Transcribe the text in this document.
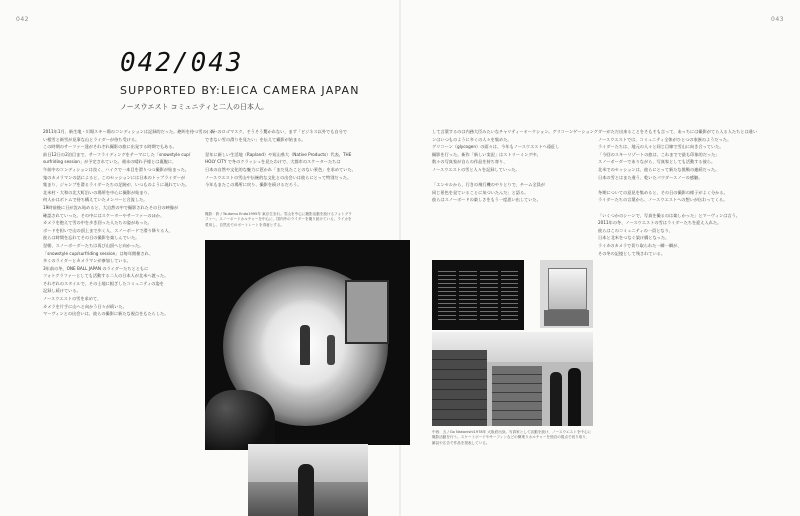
042	043
042/043
SUPPORTED BY:LEICA CAMERA JAPAN
ノースウエスト コミュニティと二人の日本人。
2011年1月、新生地・川場スキー場のコンディションは記録的だった。絶叫を待つ雪の、深
い根雪と新雪が見事な山とライダーが待ち受ける。
この時期のサーファー達がそれぞれ撮影の旅に出発する時期でもある。
前日12日の2泊目まで、サーフライディングをテーマにした「snowstyle cup/
surfriding session」が予定されていた。週末の晴れ予報とは裏腹に、
午前中のコンディションは良く、ハイクで一本目を滑りつつ撮影が始まった。
鬼のカメラマンの話によると、このセッションには日本のトップライダーが
集まり、ジャンプを滑るライダーたちの足跡が、いつものように現れていた。
北米村・大和の北大町沿いの場所を中心に撮影が始まり、
何人かはボトムで待ち構えていたメンバーと合流した。
19時前後に日が沈み始めると、大自然の中で撮影されたその日の映像が
確認されていった。その中にはスケーターやサーファーのほか、
カメラを抱えて雪の中を歩き回った人たちの姿があった。
ボードを担いで山の頂上まで歩く人、スノーボードで滑り降りる人、
彼らは時間を忘れてその日の撮影を楽しんでいた。
翌朝、スノーボーダーたちは再び山頂へと向かった。
「snowstyle cup/surfriding session」は毎年開催され、
多くのライダーとカメラマンが参加している。
3年前の冬、ONE BALL JAPAN のライダーたちとともに
フォトグラファーとしても活動する二人の日本人が北米へ渡った。
それぞれのスタイルで、その土地に根ざしたコミュニティの姿を
記録し続けている。
ノースウエストの雪を求めて、
カメラを片手に山へと向かう日々が続いた。
マーヴィンとの出会いは、彼らの撮影に新たな視点をもたらした。
イカーのロゴマスク、そうそう驚かれない、まず「ビジネス以外でも自分で
できない雪の滑りを見たい」を伝えて撮影が始まる。
翌年に新しい生活地（Rapland）や短山県大（Native Products）代表。THE
HOLY CITY で冬のクラッシュを見たわけで、大都市のスケーターたちは
日本の自然や文化的な魅力に惹かれ「まだ見たことのない景色」を求めていた。
ノースウエストの雪山や伝統的な文化との出会いは彼らにとって特別だった。
今年もまたこの場所に戻り、撮影を続けるだろう。
して言葉するのは内務大臣みたいなチャリティーオークション。グリコーンゲーショング
ンはいつものように多くの人々を集めた。
グリコーン（glycogen）の面々は、今年もノースウエストへ遠征し
撮影を行った。新作「新しい実況」はストリーミング中。
数々の写真家が自らの作品を持ち寄り、
ノースウエストの雪と人々を記録していった。
「エンセルから、行きの飛行機のやりとりで、チーム全員が
同じ景色を見ていることに気づいたんだ」と語る。
彼らはスノーボードの楽しさをもう一度思い出していた。
ダーがただ出来ることをそもそも言って、あっちには撮影がてら入る人たちとは違い
ノースウエストでは、コミュニティ全体がひとつの家族のようだった。
ライダーたちは、地元の人々と同じ目線で雪山に向き合っていた。
「今回のスキーリゾートの旅は、これまでで最も印象的だった」
スノーボーダーでありながら、写真家としても活動する彼ら。
北米でのセッションは、彼らにとって新たな挑戦の連続だった。
日本の雪とはまた違う、乾いたパウダースノーの感触。
冬期についての意見を集めると、その日の撮影の様子がよく分かる。
ライダーたちの言葉から、ノースウエストへの想いが伝わってくる。
「いくつかのシーンで、写真を撮るのは楽しかった」とマーヴィンは言う。
2011年の冬、ノースウエストの雪はライダーたちを迎え入れた。
彼らはこのコミュニティの一員となり、
日本と北米をつなぐ架け橋となった。
ライカのカメラで切り取られた一瞬一瞬が、
その冬の記憶として残されている。
撮影：鈴 / Tsutomu Endo1995年 東京生まれ。雪山を中心に撮影活動を続けるフォトグラファー。スノーボードカルチャーを中心に、国内外のライダーを撮り続けている。ライカを愛用し、自然光でのポートレートを得意とする。
中西：五 / Go Nakanishi1978年 大阪府出身。写真家として活動を続け、ノースウエストを中心に撮影活動を行う。スケートボードやサーフィンなどの横乗りカルチャーを独自の視点で切り取り、雑誌や広告で作品を発表している。
